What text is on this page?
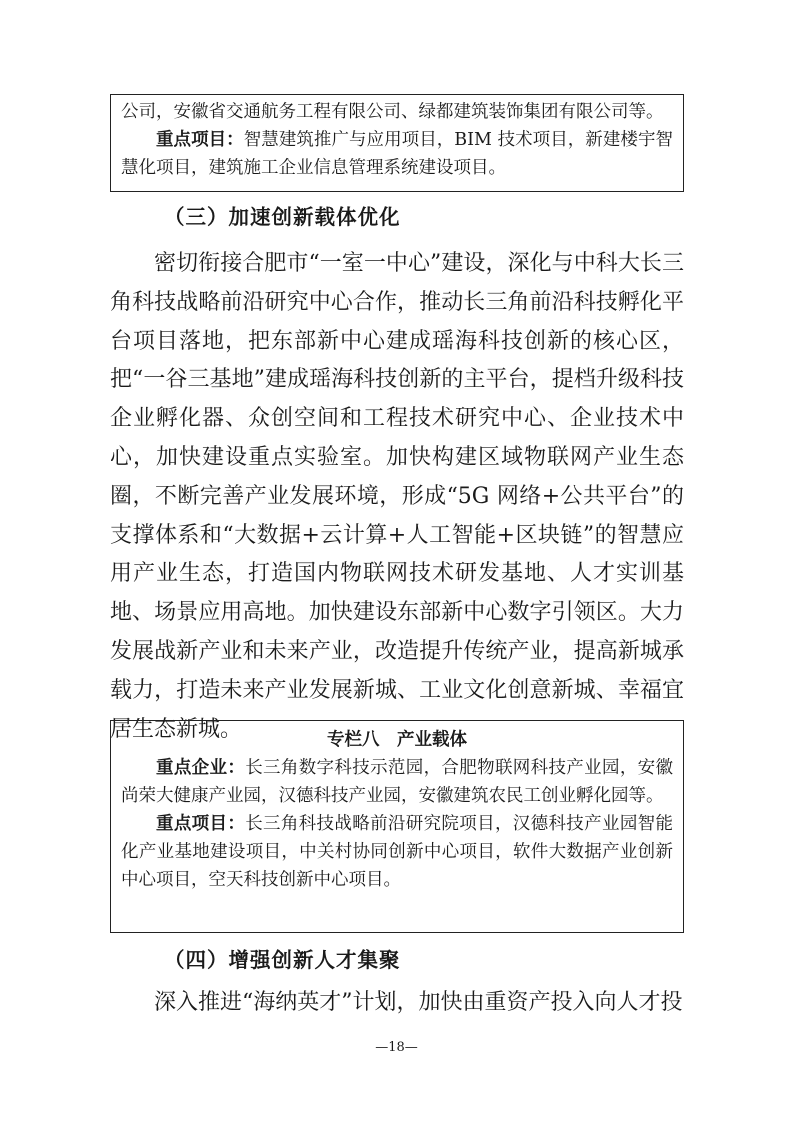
公司，安徽省交通航务工程有限公司、绿都建筑装饰集团有限公司等。

重点项目：智慧建筑推广与应用项目，BIM 技术项目，新建楼宇智慧化项目，建筑施工企业信息管理系统建设项目。

（三）加速创新载体优化

密切衔接合肥市“一室一中心”建设，深化与中科大长三角科技战略前沿研究中心合作，推动长三角前沿科技孵化平台项目落地，把东部新中心建成瑶海科技创新的核心区，把“一谷三基地”建成瑶海科技创新的主平台，提档升级科技企业孵化器、众创空间和工程技术研究中心、企业技术中心，加快建设重点实验室。加快构建区域物联网产业生态圈，不断完善产业发展环境，形成“5G 网络+公共平台”的支撑体系和“大数据+云计算+人工智能+区块链”的智慧应用产业生态，打造国内物联网技术研发基地、人才实训基地、场景应用高地。加快建设东部新中心数字引领区。大力发展战新产业和未来产业，改造提升传统产业，提高新城承载力，打造未来产业发展新城、工业文化创意新城、幸福宜居生态新城。	专栏八　产业载体

重点企业：长三角数字科技示范园，合肥物联网科技产业园，安徽尚荣大健康产业园，汉德科技产业园，安徽建筑农民工创业孵化园等。

重点项目：长三角科技战略前沿研究院项目，汉德科技产业园智能化产业基地建设项目，中关村协同创新中心项目，软件大数据产业创新中心项目，空天科技创新中心项目。

（四）增强创新人才集聚

深入推进“海纳英才”计划，加快由重资产投入向人才投

—18—
